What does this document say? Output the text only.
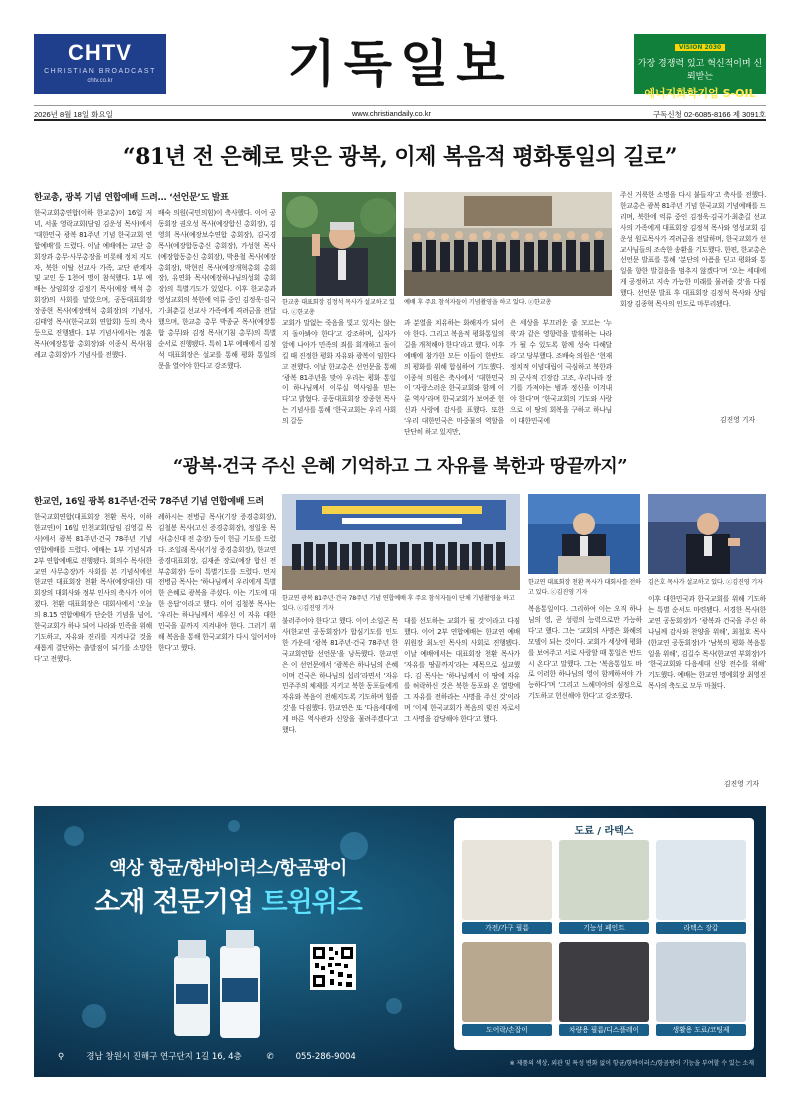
CHTV
CHRISTIAN BROADCAST
chtv.co.kr	기독일보	VISION 2030
가장 경쟁력 있고 혁신적이며 신뢰받는
에너지화학기업 S-OIL
2026년 8월 18일 화요일	www.christiandaily.co.kr	구독신청 02-6085-8166 제 3091호
“81년 전 은혜로 맞은 광복, 이제 복음적 평화통일의 길로”
한교총, 광복 기념 연합예배 드려… ‘선언문’도 발표
한국교회총연합(이하 한교총)이 16일 저녁, 서울 영락교회(담임 김운성 목사)에서 ‘대한민국 광복 81주년 기념 한국교회 연합예배’를 드렸다. 이날 예배에는 교단 총회장과 총무·사무총장을 비롯해 정치 지도자, 북한 이탈 선교사 가족, 교단 관계자 및 교인 등 1천여 명이 참석했다. 1부 예배는 상임회장 김정기 목사(예장 백석 총회장)의 사회를 맡았으며, 공동대표회장 장종현 목사(예장백석 총회장)의 기념사, 김태영 목사(한국교회 연합회) 등의 축사 등으로 진행됐다. 1부 기념사에서는 정훈 목사(예장통합 총회장)와 이종식 목사(침례교 총회장)가 기념사를 전했다.
배숙 의원(국민의힘)이 축사했다. 이어 공동회장 권오성 목사(예장합신 총회장), 김영희 목사(예장보수연합 총회장), 김국경 목사(예장합동총신 총회장), 가성현 목사(예장합동총신 총회장), 박용철 목사(예장 총회장), 박현진 목사(예장개혁총회 총회장), 유연화 목사(예장하나님의성회 총회장)의 특별기도가 있었다. 이후 한교총과 영성교회의 북한에 억류 중인 김정욱·김국기·최춘길 선교사 가족에게 격려금을 전달했으며, 한교총 총무 박종균 목사(예장통합 총무)와 김정 목사(기침 총무)의 특별 순서로 진행됐다. 특히 1부 예배에서 김정석 대표회장은 설교를 통해 평화 통일의 문을 열어야 한다고 강조했다.
한교총 대표회장 김정석 목사가 설교하고 있다. ⓒ한교총
예배 후 주요 참석자들이 기념촬영을 하고 있다. ⓒ한교총
교회가 말없는 죽음을 빛고 있지는 않는지 돌아봐야 한다’고 강조하며, 십자가 앞에 나아가 민족의 죄를 회개하고 돌이킬 때 진정한 평화 자유와 광복이 임한다고 전했다. 이날 한교총은 선언문을 통해 ‘광복 81주년을 맞아 우리는 평화 통일이 하나님께서 이루실 역사임을 믿는다’고 밝혔다. 공동대표회장 장종현 목사는 기념사를 통해 ‘한국교회는 우리 사회의 갈등
과 분열을 치유하는 화해자가 되어야 한다. 그리고 복음적 평화통일의 길을 개척해야 한다’라고 했다. 이후 예배에 참가한 모든 이들이 한반도의 평화를 위해 합심하여 기도했다. 이종석 의원은 축사에서 ‘대한민국이 ‘자랑스러운 한국교회와 함께 이룬 역사’라며 한국교회가 보여준 헌신과 사랑에 감사를 표했다. 또한 ‘우리 대한민국은 마중물의 역할을 단단히 하고 있지만,
은 세상을 부끄러운 줄 모르는 ‘누룩’과 같은 영향력을 발휘하는 나라가 될 수 있도록 함께 성숙 다해달라’고 당부했다. 조배숙 의원은 ‘현재 정치적 이념대립이 극심하고 북한과의 군사적 긴장감 고조, 우리나라 장기를 가져야는 범과 정신을 이겨내야 한다’며 ‘한국교회의 기도와 사랑으로 이 땅의 회복을 구하고 하나님이 대한민국에
주신 거룩한 소명을 다시 붙들자’고 축사를 전했다. 한교총은 광복 81주년 기념 한국교회 기념예배를 드리며, 북한에 억류 중인 김정욱·김국기·최춘길 선교사의 가족에게 대표회장 김정석 목사와 영성교회 김운성 원로목사가 격려금을 전달하며, 한국교회가 선교사님들의 조속한 송환을 기도했다. 한편, 한교총은 선언문 발표를 통해 ‘분단의 아픔을 딛고 평화와 통일을 향한 발걸음을 멈추지 않겠다’며 ‘오는 세대에게 공정하고 지속 가능한 미래를 물려줄 것’을 다짐했다. 선언문 발표 후 대표회장 김정석 목사와 상임회장 김종혁 목사의 인도로 마무리됐다.
김진영 기자
“광복·건국 주신 은혜 기억하고 그 자유를 북한과 땅끝까지”
한교연, 16일 광복 81주년·건국 78주년 기념 연합예배 드려
한국교회연합(대표회장 천환 목사, 이하 한교연)이 16일 인천교회(담임 김영길 목사)에서 광복 81주년·건국 78주년 기념 연합예배를 드렸다. 예배는 1부 기념식과 2부 연합예배로 진행됐다. 회의수 목사(한교연 사무총장)가 사회를 본 기념식에선 한교연 대표회장 천환 목사(예장대신) 대회장의 대회사와 정부 인사의 축사가 이어졌다. 천환 대표회장은 대회사에서 ‘오늘의 8.15 연합예배가 단순한 기념을 넘어, 한국교회가 하나 되어 나라와 민족을 위해 기도하고, 자유와 진리를 지켜나갈 것을 새롭게 결단하는 출발점이 되기를 소망한다’고 전했다.
례하시는 전병금 목사(기장 증경총회장), 김철봉 목사(고신 증경총회장), 정일웅 목사(총신대 전 총장) 등이 헌금 기도를 드렸다. 조일래 목사(기성 증경총회장), 한교연 증경대표회장, 김재준 장로(예장 합신 전 부총회장) 등이 특별기도를 드렸다. 먼저 전병금 목사는 ‘하나님께서 우리에게 특별한 은혜로 광복을 주셨다. 이는 기도에 대한 응답’이라고 했다. 이어 김철봉 목사는 ‘우리는 하나님께서 세우신 이 자유 대한민국을 끝까지 지켜내야 한다. 그러기 위해 복음을 통해 한국교회가 다시 일어서야 한다’고 했다.
한교연 광복 81주년·건국 78주년 기념 연합예배 후 주요 참석자들이 단체 기념촬영을 하고 있다. ⓒ김진영 기자
한교연 대표회장 천환 목사가 대회사를 전하고 있다. ⓒ김진영 기자
김은호 목사가 설교하고 있다. ⓒ김진영 기자
불러주어야 한다’고 했다. 이어 소일곤 목사(한교연 공동회장)가 합심기도를 인도한 가운데 ‘광복 81주년·건국 78주년 한국교회연합 선언문’을 낭독했다. 한교연은 이 선언문에서 ‘광복은 하나님의 은혜이며 건국은 하나님의 섭리’라면서 ‘자유민주주의 체제를 지키고 북한 동포들에게 자유와 복음이 전해지도록 기도하며 힘쓸 것’을 다짐했다. 한교연은 또 ‘다음세대에게 바른 역사관과 신앙을 물려주겠다’고 했다.
대를 선도하는 교회가 될 것’이라고 다짐했다. 이어 2부 연합예배는 한교연 예배위원장 최노인 목사의 사회로 진행됐다. 이날 예배에서는 대표회장 천환 목사가 ‘자유를 땅끝까지’라는 제목으로 설교했다. 김 목사는 ‘하나님께서 이 땅에 자유를 허락하신 것은 북한 동포와 온 열방에 그 자유를 전하라는 사명을 주신 것’이라며 ‘이제 한국교회가 복음의 빚진 자로서 그 사명을 감당해야 한다’고 했다.
복음통일이다. 그리하여 이는 오직 하나님의 영, 곧 성령의 능력으로만 가능하다’고 했다. 그는 ‘교회의 사명은 화해의 모델이 되는 것이다. 교회가 세상에 평화를 보여주고 서로 사랑할 때 통일은 반드시 온다’고 말했다. 그는 ‘복음통일도 바로 이러한 하나님의 영이 함께하셔야 가능하다’며 ‘그리고 느헤미야의 심정으로 기도하고 헌신해야 한다’고 강조했다.
이후 대한민국과 한국교회를 위해 기도하는 특별 순서도 마련됐다. 서경한 목사(한교연 공동회장)가 ‘광복과 건국을 주신 하나님께 감사와 찬양을 위해’, 최철호 목사(한교연 공동회장)가 ‘남북의 평화 복음통일을 위해’, 김길수 목사(한교연 부회장)가 ‘한국교회와 다음세대 신앙 전수를 위해’ 기도했다. 예배는 한교연 명예회장 최영진 목사의 축도로 모두 마쳤다.
김진영 기자
액상 항균/항바이러스/항곰팡이
소재 전문기업 트윈위즈
⚲	경남 창원시 진해구 연구단지 1길 16, 4층	✆	055-286-9004
도료 / 라텍스
가전/가구 필름	기능성 페인트	라텍스 장갑
도어락/손잡이	차량용 필름/디스플레이	생활용 도료/코팅제
※ 제품의 색상, 외관 및 특성 변화 없이 항균/항바이러스/항곰팡이 기능을 부여할 수 있는 소재
